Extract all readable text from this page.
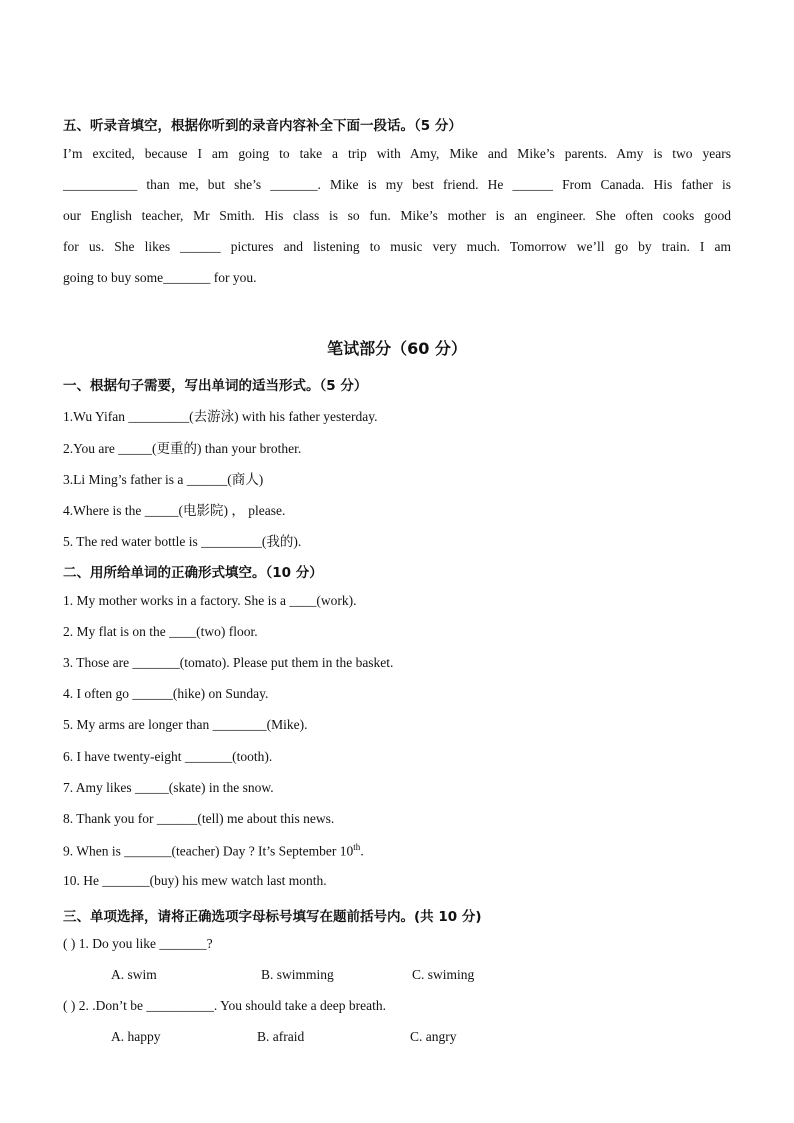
五、听录音填空，根据你听到的录音内容补全下面一段话。（5 分）
I’m excited, because I am going to take a trip with Amy, Mike and Mike’s parents. Amy is two years
___________ than me, but she’s _______. Mike is my best friend. He ______ From Canada. His father is
our English teacher, Mr Smith. His class is so fun. Mike’s mother is an engineer. She often cooks good
for us. She likes ______ pictures and listening to music very much. Tomorrow we’ll go by train. I am
going to buy some_______ for you.
笔试部分（60 分）
一、根据句子需要，写出单词的适当形式。（5 分）
1.Wu Yifan _________(去游泳) with his father yesterday.
2.You are _____(更重的) than your brother.
3.Li Ming’s father is a ______(商人)
4.Where is the _____(电影院) ， please.
5. The red water bottle is _________(我的).
二、用所给单词的正确形式填空。（10 分）
1. My mother works in a factory. She is a ____(work).
2. My flat is on the ____(two) floor.
3. Those are _______(tomato). Please put them in the basket.
4. I often go ______(hike) on Sunday.
5. My arms are longer than ________(Mike).
6. I have twenty-eight _______(tooth).
7. Amy likes _____(skate) in the snow.
8. Thank you for ______(tell) me about this news.
9. When is _______(teacher) Day ? It’s September 10th.
10. He _______(buy) his mew watch last month.
三、单项选择，请将正确选项字母标号填写在题前括号内。(共 10 分)
( ) 1. Do you like _______?
A. swim	B. swimming	C. swiming
( ) 2. .Don’t be __________. You should take a deep breath.
A. happy	B. afraid	C. angry
